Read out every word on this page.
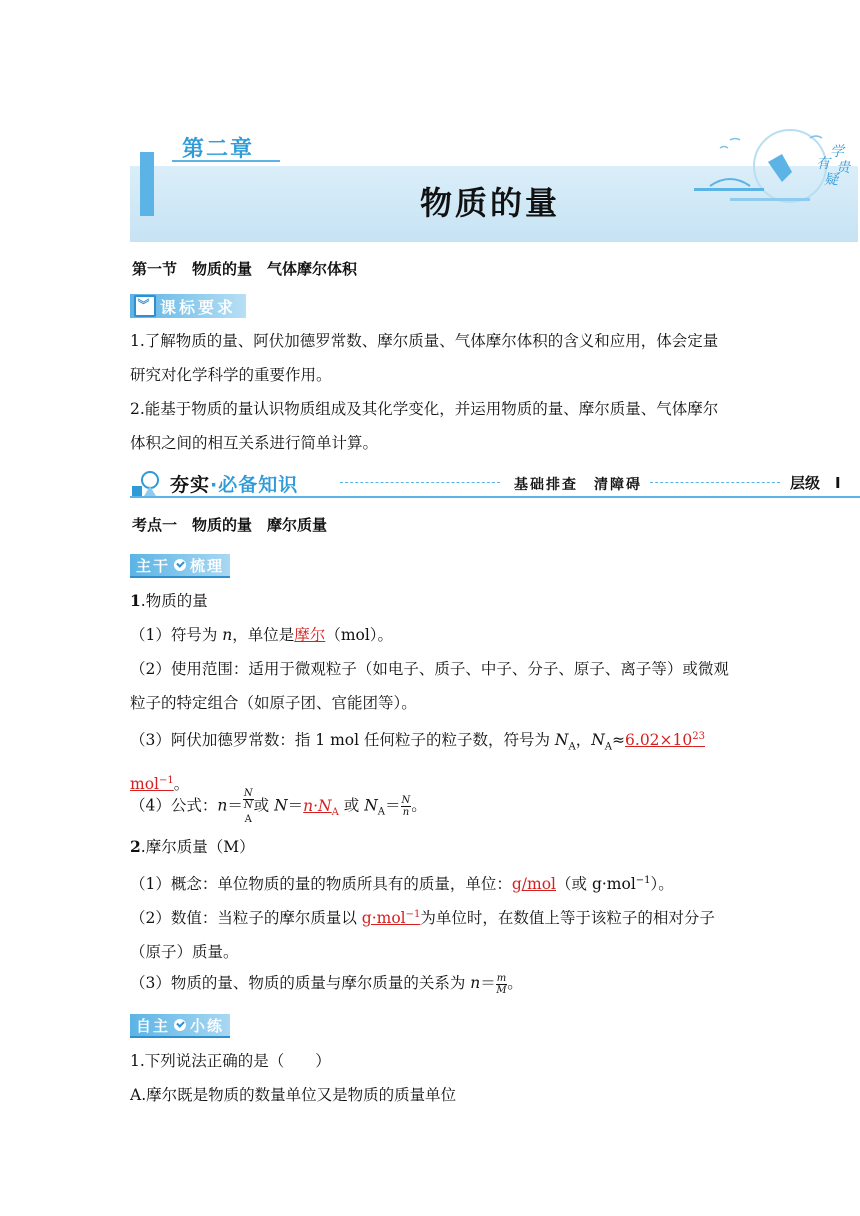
第二章
物质的量
学
有 贵
疑
第一节　物质的量　气体摩尔体积
︾ 课标要求
1.了解物质的量、阿伏加德罗常数、摩尔质量、气体摩尔体积的含义和应用，体会定量研究对化学科学的重要作用。
2.能基于物质的量认识物质组成及其化学变化，并运用物质的量、摩尔质量、气体摩尔体积之间的相互关系进行简单计算。
夯实·必备知识	基础排查　清障碍	层级　I
考点一　物质的量　摩尔质量
主干 梳理
1.物质的量
（1）符号为 n，单位是摩尔（mol）。
（2）使用范围：适用于微观粒子（如电子、质子、中子、分子、原子、离子等）或微观粒子的特定组合（如原子团、官能团等）。
（3）阿伏加德罗常数：指 1 mol 任何粒子的粒子数，符号为 $N_A$，$N_A\approx 6.02\times 10^{23}$
mol$^{-1}$。
（4）公式：n＝ N
N
$_A$ 或 $N=n\cdot N_A$ 或 $N_A= \frac{N}{n}$ 。
2.摩尔质量（M）
（1）概念：单位物质的量的物质所具有的质量，单位：g/mol（或 g·mol$^{-1}$）。
（2）数值：当粒子的摩尔质量以 g·mol$^{-1}$为单位时，在数值上等于该粒子的相对分子（原子）质量。
（3）物质的量、物质的质量与摩尔质量的关系为 $n= \frac{m}{M}$ 。
自主 小练
1.下列说法正确的是（　　）
A.摩尔既是物质的数量单位又是物质的质量单位
